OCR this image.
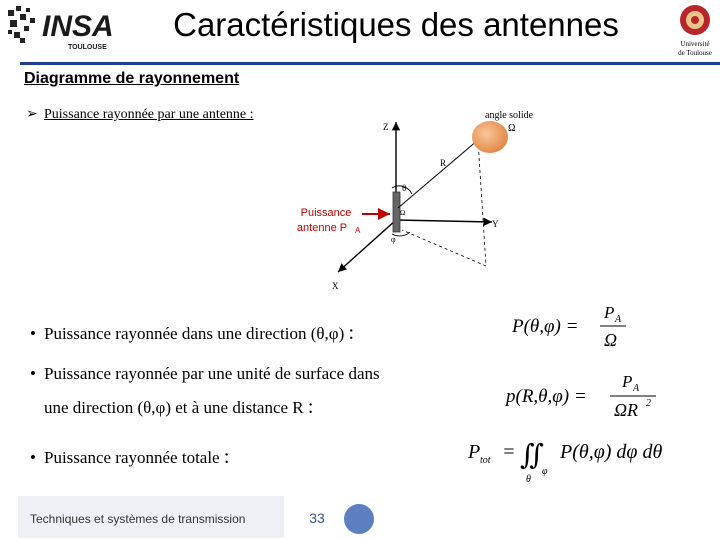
INSA
TOULOUSE
Caractéristiques des antennes
Université
de Toulouse
Diagramme de rayonnement
➢ Puissance rayonnée par une antenne :
Z
X
Y
R
θ
φ
Ω
angle solide
Ω
Puissance
antenne P A
• Puissance rayonnée dans une direction (θ,φ) :
• Puissance rayonnée par une unité de surface dans
une direction (θ,φ) et à une distance R :
• Puissance rayonnée totale :
P(θ,φ) =
P A
Ω
p(R,θ,φ) =
P A
ΩR 2
P tot = ∬
θ
φ
P(θ,φ) dφ dθ
Techniques et systèmes de transmission	33
